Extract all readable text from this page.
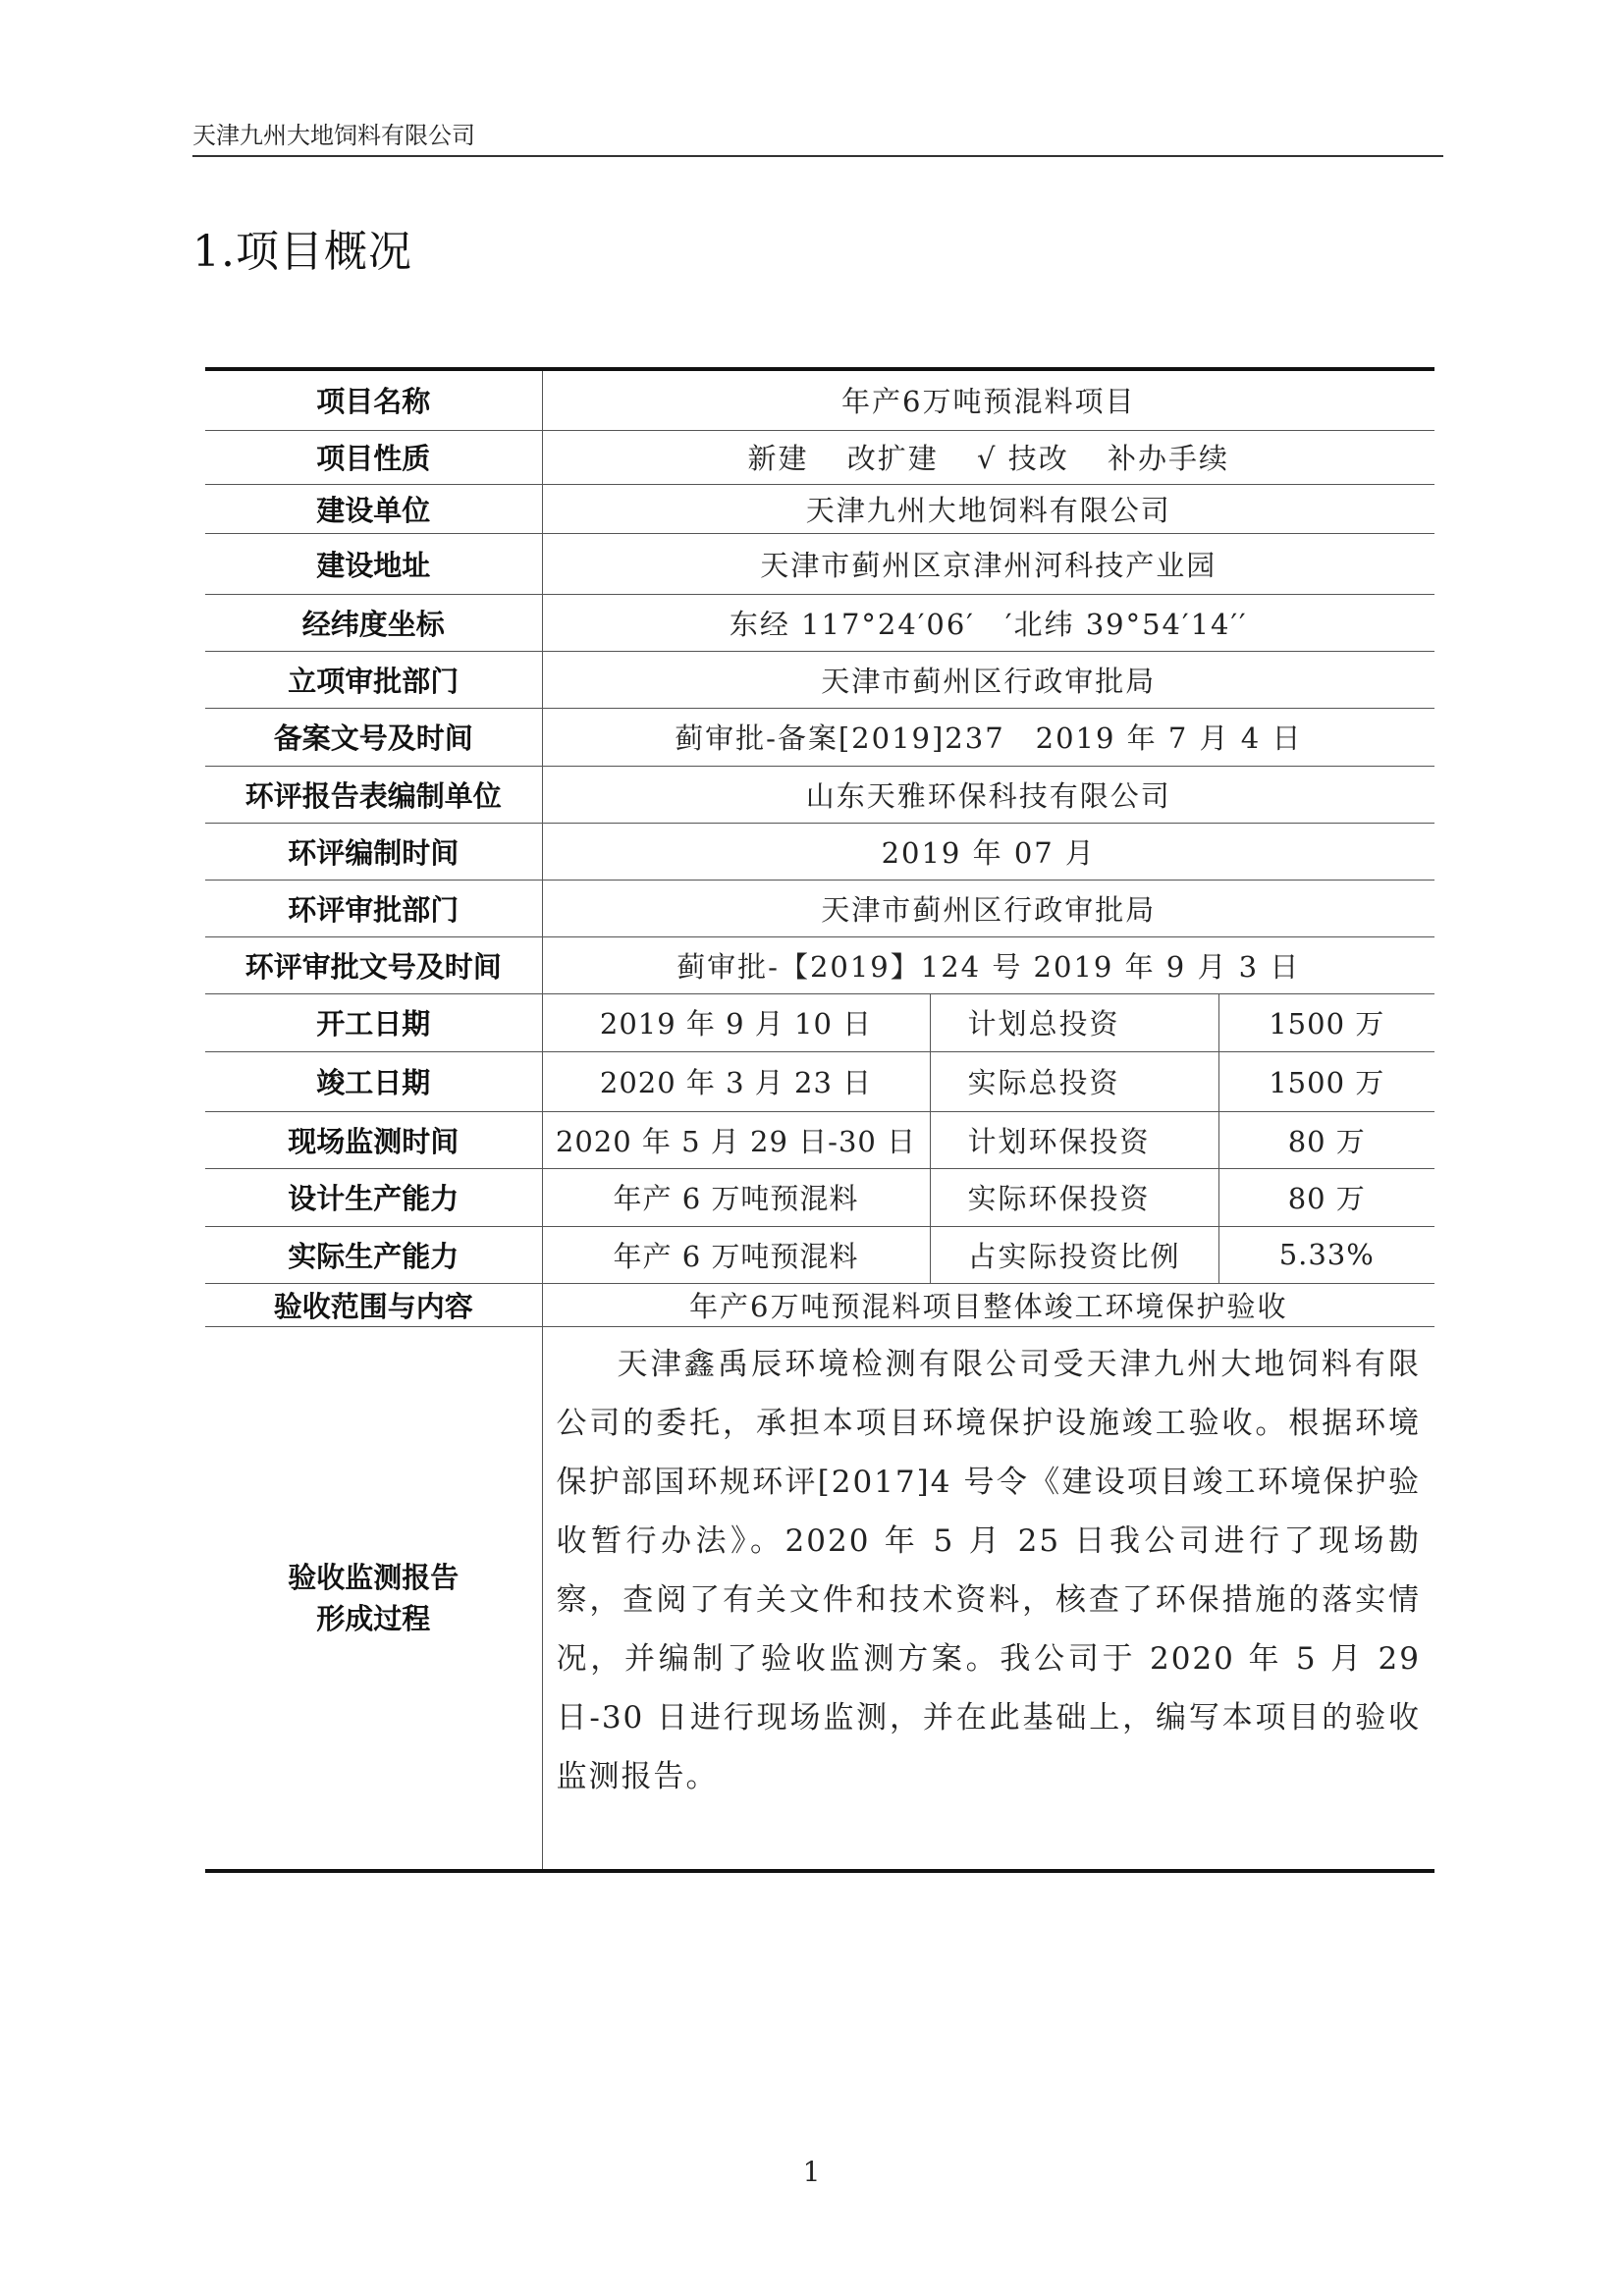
天津九州大地饲料有限公司
1.项目概况
项目名称	年产6万吨预混料项目		
项目性质	新建 改扩建 √ 技改 补办手续		
建设单位	天津九州大地饲料有限公司		
建设地址	天津市蓟州区京津州河科技产业园		
经纬度坐标	东经 117°24′06′　′北纬 39°54′14′′		
立项审批部门	天津市蓟州区行政审批局		
备案文号及时间	蓟审批-备案[2019]237　2019 年 7 月 4 日		
环评报告表编制单位	山东天雅环保科技有限公司		
环评编制时间	2019 年 07 月		
环评审批部门	天津市蓟州区行政审批局		
环评审批文号及时间	蓟审批-【2019】124 号 2019 年 9 月 3 日		
开工日期	2019 年 9 月 10 日	计划总投资	1500 万
竣工日期	2020 年 3 月 23 日	实际总投资	1500 万
现场监测时间	2020 年 5 月 29 日-30 日	计划环保投资	80 万
设计生产能力	年产 6 万吨预混料	实际环保投资	80 万
实际生产能力	年产 6 万吨预混料	占实际投资比例	5.33%
验收范围与内容	年产6万吨预混料项目整体竣工环境保护验收		

验收监测报告
形成过程	天津鑫禹辰环境检测有限公司受天津九州大地饲料有限公司的委托，承担本项目环境保护设施竣工验收。根据环境保护部国环规环评[2017]4 号令《建设项目竣工环境保护验收暂行办法》。2020 年 5 月 25 日我公司进行了现场勘察，查阅了有关文件和技术资料，核查了环保措施的落实情况，并编制了验收监测方案。我公司于 2020 年 5 月 29 日-30 日进行现场监测，并在此基础上，编写本项目的验收监测报告。		
1
